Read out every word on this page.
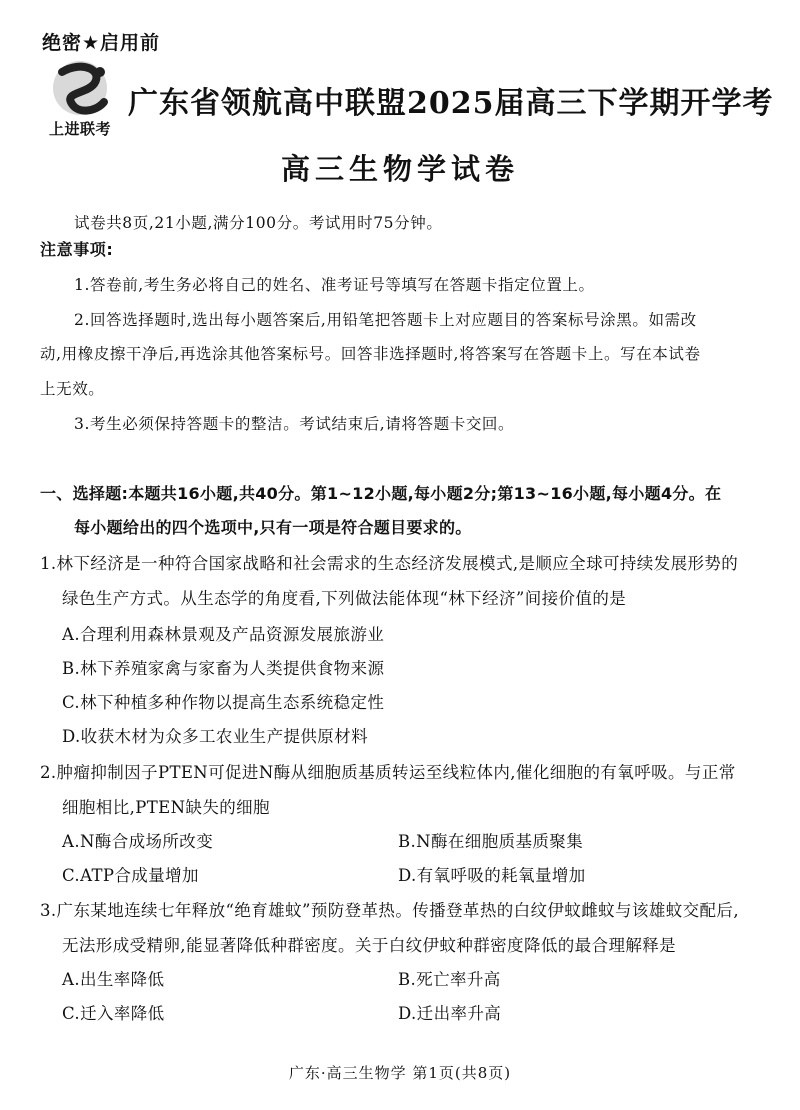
绝密★启用前
上进联考
广东省领航高中联盟2025届高三下学期开学考
高三生物学试卷
试卷共8页,21小题,满分100分。考试用时75分钟。
注意事项:
1.答卷前,考生务必将自己的姓名、准考证号等填写在答题卡指定位置上。
2.回答选择题时,选出每小题答案后,用铅笔把答题卡上对应题目的答案标号涂黑。如需改
动,用橡皮擦干净后,再选涂其他答案标号。回答非选择题时,将答案写在答题卡上。写在本试卷
上无效。
3.考生必须保持答题卡的整洁。考试结束后,请将答题卡交回。
一、选择题:本题共16小题,共40分。第1~12小题,每小题2分;第13~16小题,每小题4分。在
每小题给出的四个选项中,只有一项是符合题目要求的。
1.林下经济是一种符合国家战略和社会需求的生态经济发展模式,是顺应全球可持续发展形势的
绿色生产方式。从生态学的角度看,下列做法能体现“林下经济”间接价值的是
A.合理利用森林景观及产品资源发展旅游业
B.林下养殖家禽与家畜为人类提供食物来源
C.林下种植多种作物以提高生态系统稳定性
D.收获木材为众多工农业生产提供原材料
2.肿瘤抑制因子PTEN可促进N酶从细胞质基质转运至线粒体内,催化细胞的有氧呼吸。与正常
细胞相比,PTEN缺失的细胞
A.N酶合成场所改变	B.N酶在细胞质基质聚集
C.ATP合成量增加	D.有氧呼吸的耗氧量增加
3.广东某地连续七年释放“绝育雄蚊”预防登革热。传播登革热的白纹伊蚊雌蚊与该雄蚊交配后,
无法形成受精卵,能显著降低种群密度。关于白纹伊蚊种群密度降低的最合理解释是
A.出生率降低	B.死亡率升高
C.迁入率降低	D.迁出率升高
广东·高三生物学 第1页(共8页)
